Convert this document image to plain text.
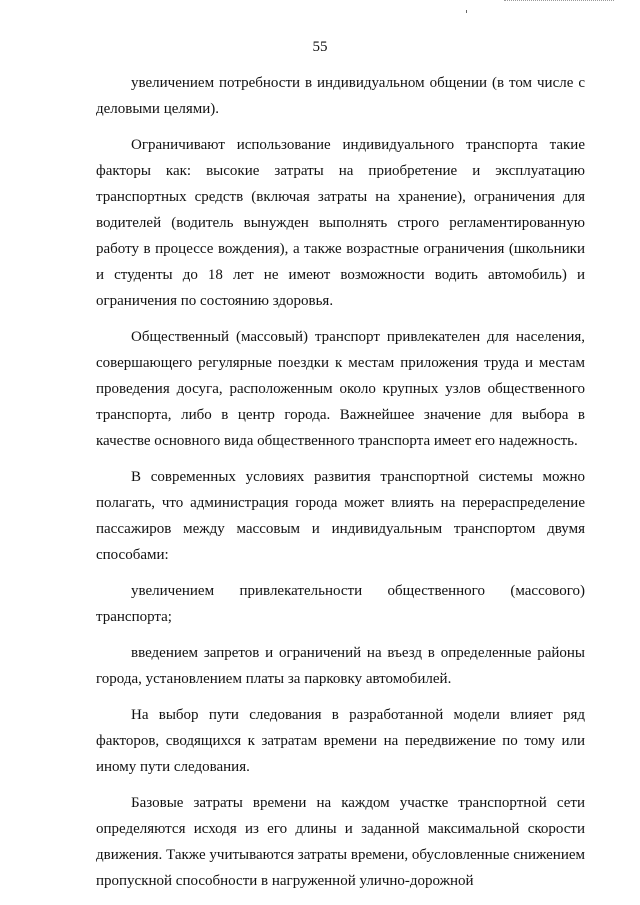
55

увеличением потребности в индивидуальном общении (в том числе с деловыми целями).

Ограничивают использование индивидуального транспорта такие факторы как: высокие затраты на приобретение и эксплуатацию транспортных средств (включая затраты на хранение), ограничения для водителей (водитель вынужден выполнять строго регламентированную работу в процессе вождения), а также возрастные ограничения (школьники и студенты до 18 лет не имеют возможности водить автомобиль) и ограничения по состоянию здоровья.

Общественный (массовый) транспорт привлекателен для населения, совершающего регулярные поездки к местам приложения труда и местам проведения досуга, расположенным около крупных узлов общественного транспорта, либо в центр города. Важнейшее значение для выбора в качестве основного вида общественного транспорта имеет его надежность.

В современных условиях развития транспортной системы можно полагать, что администрация города может влиять на перераспределение пассажиров между массовым и индивидуальным транспортом двумя способами:

увеличением привлекательности общественного (массового) транспорта;

введением запретов и ограничений на въезд в определенные районы города, установлением платы за парковку автомобилей.

На выбор пути следования в разработанной модели влияет ряд факторов, сводящихся к затратам времени на передвижение по тому или иному пути следования.

Базовые затраты времени на каждом участке транспортной сети определяются исходя из его длины и заданной максимальной скорости движения. Также учитываются затраты времени, обусловленные снижением пропускной способности в нагруженной улично-дорожной
